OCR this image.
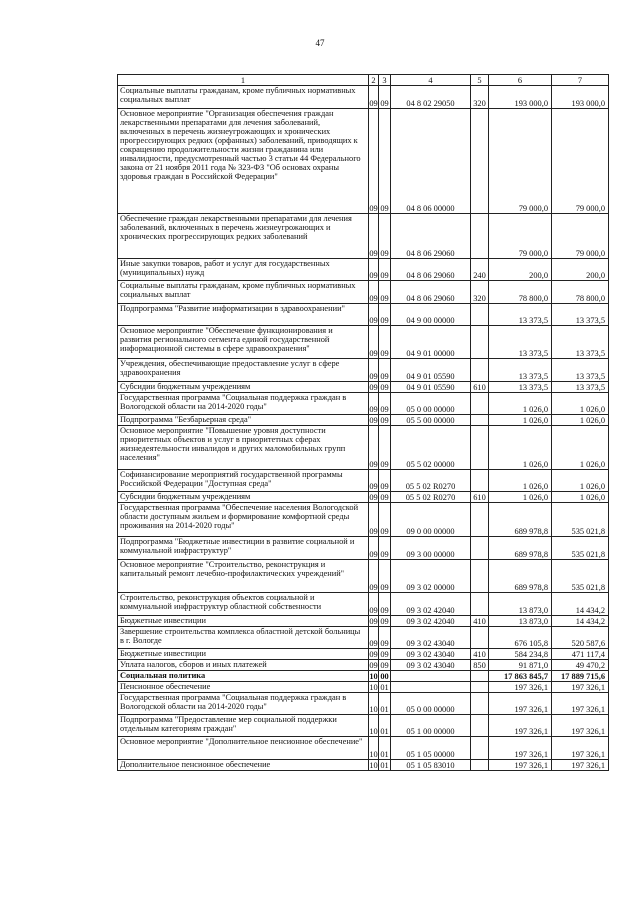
47
1	2	3	4	5	6	7
Социальные выплаты гражданам, кроме публичных нормативных социальных выплат	09	09	04 8 02 29050	320	193 000,0	193 000,0
Основное мероприятие "Организация обеспечения граждан лекарственными препаратами для лечения заболеваний, включенных в перечень жизнеугрожающих и хронических прогрессирующих редких (орфанных) заболеваний, приводящих к сокращению продолжительности жизни гражданина или инвалидности, предусмотренный частью 3 статьи 44 Федерального закона от 21 ноября 2011 года № 323-ФЗ "Об основах охраны здоровья граждан в Российской Федерации"	09	09	04 8 06 00000		79 000,0	79 000,0
Обеспечение граждан лекарственными препаратами для лечения заболеваний, включенных в перечень жизнеугрожающих и хронических прогрессирующих редких заболеваний	09	09	04 8 06 29060		79 000,0	79 000,0
Иные закупки товаров, работ и услуг для государственных (муниципальных) нужд	09	09	04 8 06 29060	240	200,0	200,0
Социальные выплаты гражданам, кроме публичных нормативных социальных выплат	09	09	04 8 06 29060	320	78 800,0	78 800,0
Подпрограмма "Развитие информатизации в здравоохранении"	09	09	04 9 00 00000		13 373,5	13 373,5
Основное мероприятие "Обеспечение функционирования и развития регионального сегмента единой государственной информационной системы в сфере здравоохранения"	09	09	04 9 01 00000		13 373,5	13 373,5
Учреждения, обеспечивающие предоставление услуг в сфере здравоохранения	09	09	04 9 01 05590		13 373,5	13 373,5
Субсидии бюджетным учреждениям	09	09	04 9 01 05590	610	13 373,5	13 373,5
Государственная программа "Социальная поддержка граждан в Вологодской области на 2014-2020 годы"	09	09	05 0 00 00000		1 026,0	1 026,0
Подпрограмма "Безбарьерная среда"	09	09	05 5 00 00000		1 026,0	1 026,0
Основное мероприятие "Повышение уровня доступности приоритетных объектов и услуг в приоритетных сферах жизнедеятельности инвалидов и других маломобильных групп населения"	09	09	05 5 02 00000		1 026,0	1 026,0
Софинансирование мероприятий государственной программы Российской Федерации "Доступная среда"	09	09	05 5 02 R0270		1 026,0	1 026,0
Субсидии бюджетным учреждениям	09	09	05 5 02 R0270	610	1 026,0	1 026,0
Государственная программа "Обеспечение населения Вологодской области доступным жильем и формирование комфортной среды проживания на 2014-2020 годы"	09	09	09 0 00 00000		689 978,8	535 021,8
Подпрограмма "Бюджетные инвестиции в развитие социальной и коммунальной инфраструктур"	09	09	09 3 00 00000		689 978,8	535 021,8
Основное мероприятие "Строительство, реконструкция и капитальный ремонт лечебно-профилактических учреждений"	09	09	09 3 02 00000		689 978,8	535 021,8
Строительство, реконструкция объектов социальной и коммунальной инфраструктур областной собственности	09	09	09 3 02 42040		13 873,0	14 434,2
Бюджетные инвестиции	09	09	09 3 02 42040	410	13 873,0	14 434,2
Завершение строительства комплекса областной детской больницы в г. Вологде	09	09	09 3 02 43040		676 105,8	520 587,6
Бюджетные инвестиции	09	09	09 3 02 43040	410	584 234,8	471 117,4
Уплата налогов, сборов и иных платежей	09	09	09 3 02 43040	850	91 871,0	49 470,2
Социальная политика	10	00			17 863 845,7	17 889 715,6
Пенсионное обеспечение	10	01			197 326,1	197 326,1
Государственная программа "Социальная поддержка граждан в Вологодской области на 2014-2020 годы"	10	01	05 0 00 00000		197 326,1	197 326,1
Подпрограмма "Предоставление мер социальной поддержки отдельным категориям граждан"	10	01	05 1 00 00000		197 326,1	197 326,1
Основное мероприятие "Дополнительное пенсионное обеспечение"	10	01	05 1 05 00000		197 326,1	197 326,1
Дополнительное пенсионное обеспечение	10	01	05 1 05 83010		197 326,1	197 326,1
